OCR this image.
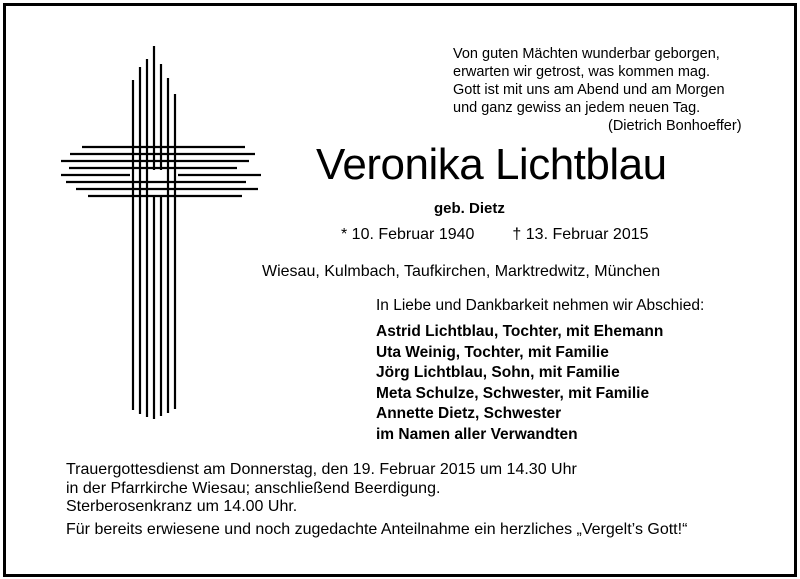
Von guten Mächten wunderbar geborgen,
erwarten wir getrost, was kommen mag.
Gott ist mit uns am Abend und am Morgen
und ganz gewiss an jedem neuen Tag.
(Dietrich Bonhoeffer)
Veronika Lichtblau
geb. Dietz
* 10. Februar 1940 † 13. Februar 2015
Wiesau, Kulmbach, Taufkirchen, Marktredwitz, München
In Liebe und Dankbarkeit nehmen wir Abschied:
Astrid Lichtblau, Tochter, mit Ehemann
Uta Weinig, Tochter, mit Familie
Jörg Lichtblau, Sohn, mit Familie
Meta Schulze, Schwester, mit Familie
Annette Dietz, Schwester
im Namen aller Verwandten
Trauergottesdienst am Donnerstag, den 19. Februar 2015 um 14.30 Uhr
in der Pfarrkirche Wiesau; anschließend Beerdigung.
Sterberosenkranz um 14.00 Uhr.
Für bereits erwiesene und noch zugedachte Anteilnahme ein herzliches „Vergelt’s Gott!“
